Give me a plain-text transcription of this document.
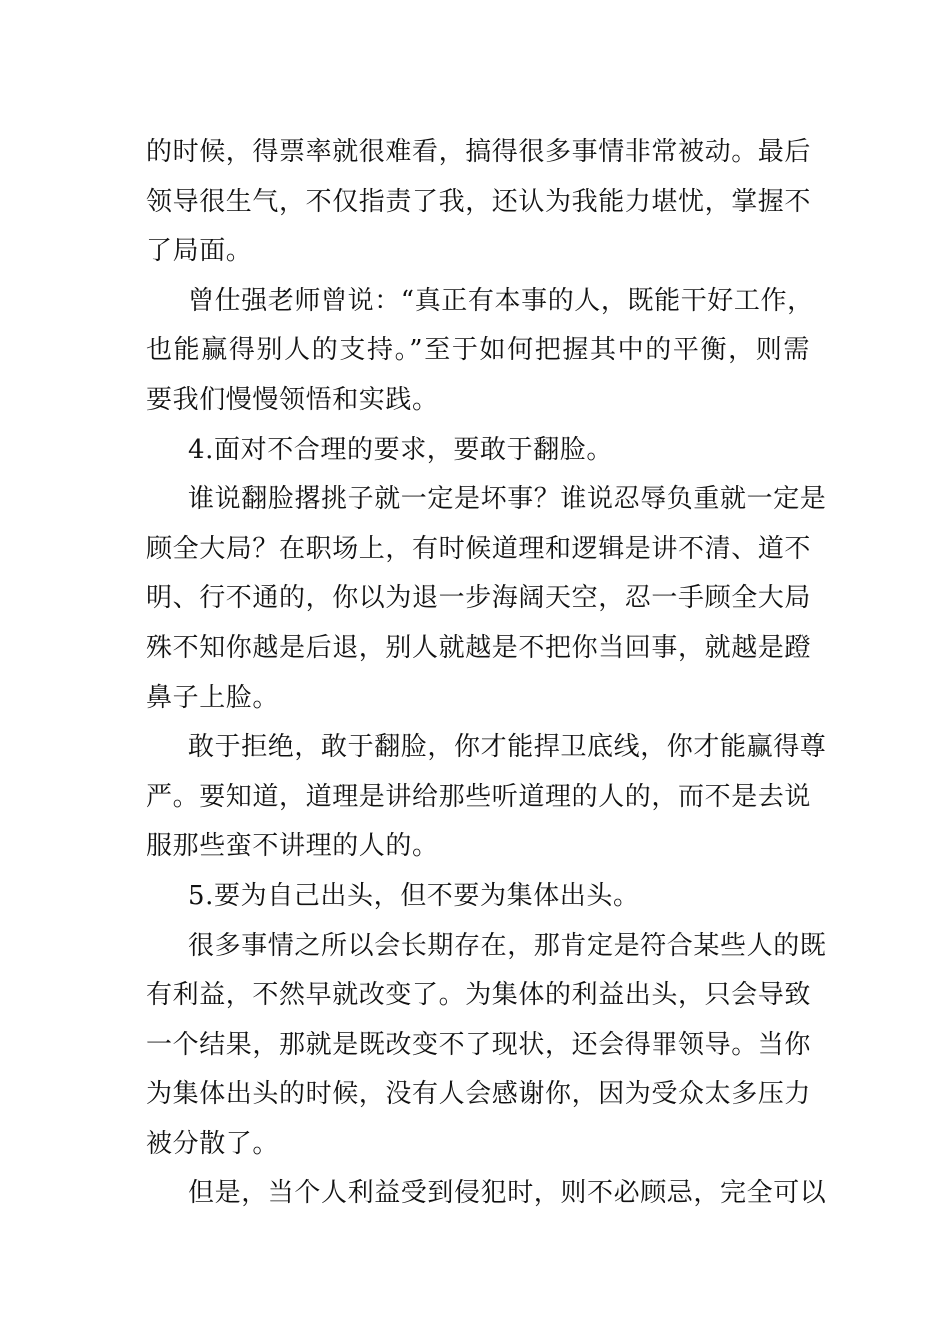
的时候，得票率就很难看，搞得很多事情非常被动。最后
领导很生气，不仅指责了我，还认为我能力堪忧，掌握不
了局面。
曾仕强老师曾说：“真正有本事的人，既能干好工作，
也能赢得别人的支持。”至于如何把握其中的平衡，则需
要我们慢慢领悟和实践。
4.面对不合理的要求，要敢于翻脸。
谁说翻脸撂挑子就一定是坏事？谁说忍辱负重就一定是
顾全大局？在职场上，有时候道理和逻辑是讲不清、道不
明、行不通的，你以为退一步海阔天空，忍一手顾全大局
殊不知你越是后退，别人就越是不把你当回事，就越是蹬
鼻子上脸。
敢于拒绝，敢于翻脸，你才能捍卫底线，你才能赢得尊
严。要知道，道理是讲给那些听道理的人的，而不是去说
服那些蛮不讲理的人的。
5.要为自己出头，但不要为集体出头。
很多事情之所以会长期存在，那肯定是符合某些人的既
有利益，不然早就改变了。为集体的利益出头，只会导致
一个结果，那就是既改变不了现状，还会得罪领导。当你
为集体出头的时候，没有人会感谢你，因为受众太多压力
被分散了。
但是，当个人利益受到侵犯时，则不必顾忌，完全可以
